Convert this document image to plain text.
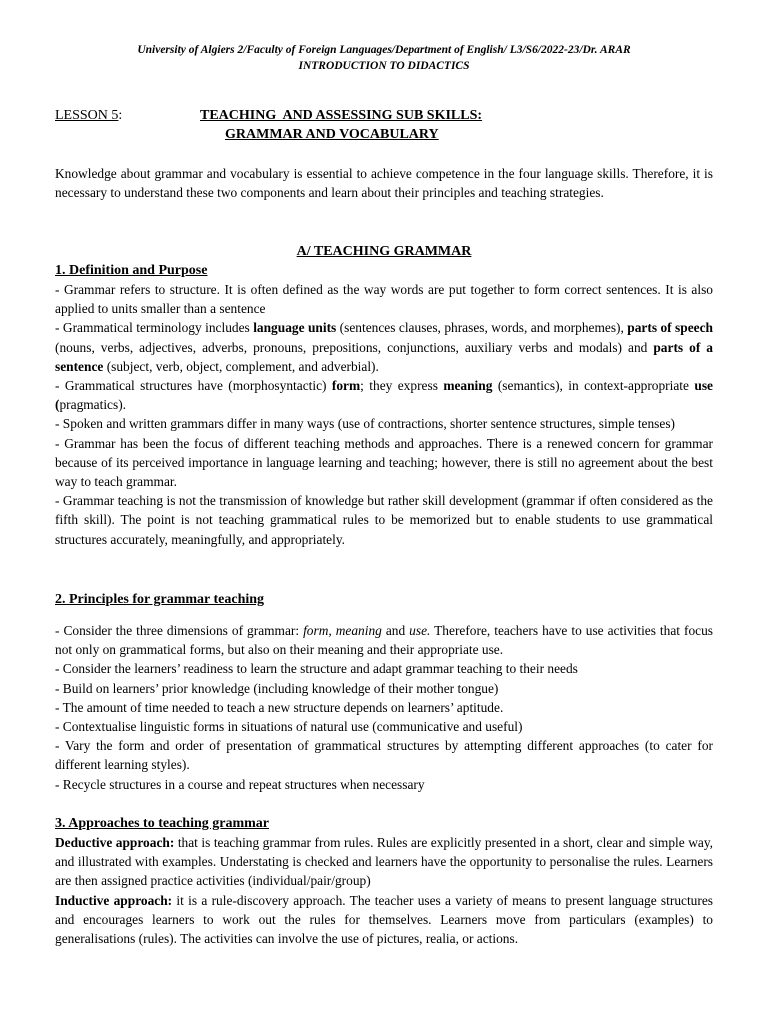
University of Algiers 2/Faculty of Foreign Languages/Department of English/ L3/S6/2022-23/Dr. ARAR
INTRODUCTION TO DIDACTICS
LESSON 5:	TEACHING  AND ASSESSING SUB SKILLS:
GRAMMAR AND VOCABULARY

Knowledge about grammar and vocabulary is essential to achieve competence in the four language skills. Therefore, it is necessary to understand these two components and learn about their principles and teaching strategies.

A/ TEACHING GRAMMAR
1. Definition and Purpose

- Grammar refers to structure. It is often defined as the way words are put together to form correct sentences. It is also applied to units smaller than a sentence

- Grammatical terminology includes language units (sentences clauses, phrases, words, and morphemes), parts of speech (nouns, verbs, adjectives, adverbs, pronouns, prepositions, conjunctions, auxiliary verbs and modals) and parts of a sentence (subject, verb, object, complement, and adverbial).

- Grammatical structures have (morphosyntactic) form; they express meaning (semantics), in context-appropriate use (pragmatics).

- Spoken and written grammars differ in many ways (use of contractions, shorter sentence structures, simple tenses)

- Grammar has been the focus of different teaching methods and approaches. There is a renewed concern for grammar because of its perceived importance in language learning and teaching; however, there is still no agreement about the best way to teach grammar.

- Grammar teaching is not the transmission of knowledge but rather skill development (grammar if often considered as the fifth skill). The point is not teaching grammatical rules to be memorized but to enable students to use grammatical structures accurately, meaningfully, and appropriately.

2. Principles for grammar teaching

- Consider the three dimensions of grammar: form, meaning and use. Therefore, teachers have to use activities that focus not only on grammatical forms, but also on their meaning and their appropriate use.

- Consider the learners’ readiness to learn the structure and adapt grammar teaching to their needs

- Build on learners’ prior knowledge (including knowledge of their mother tongue)

- The amount of time needed to teach a new structure depends on learners’ aptitude.

- Contextualise linguistic forms in situations of natural use (communicative and useful)

- Vary the form and order of presentation of grammatical structures by attempting different approaches (to cater for different learning styles).

- Recycle structures in a course and repeat structures when necessary

3. Approaches to teaching grammar

Deductive approach: that is teaching grammar from rules. Rules are explicitly presented in a short, clear and simple way, and illustrated with examples. Understating is checked and learners have the opportunity to personalise the rules. Learners are then assigned practice activities (individual/pair/group)

Inductive approach: it is a rule-discovery approach. The teacher uses a variety of means to present language structures and encourages learners to work out the rules for themselves. Learners move from particulars (examples) to generalisations (rules). The activities can involve the use of pictures, realia, or actions.
